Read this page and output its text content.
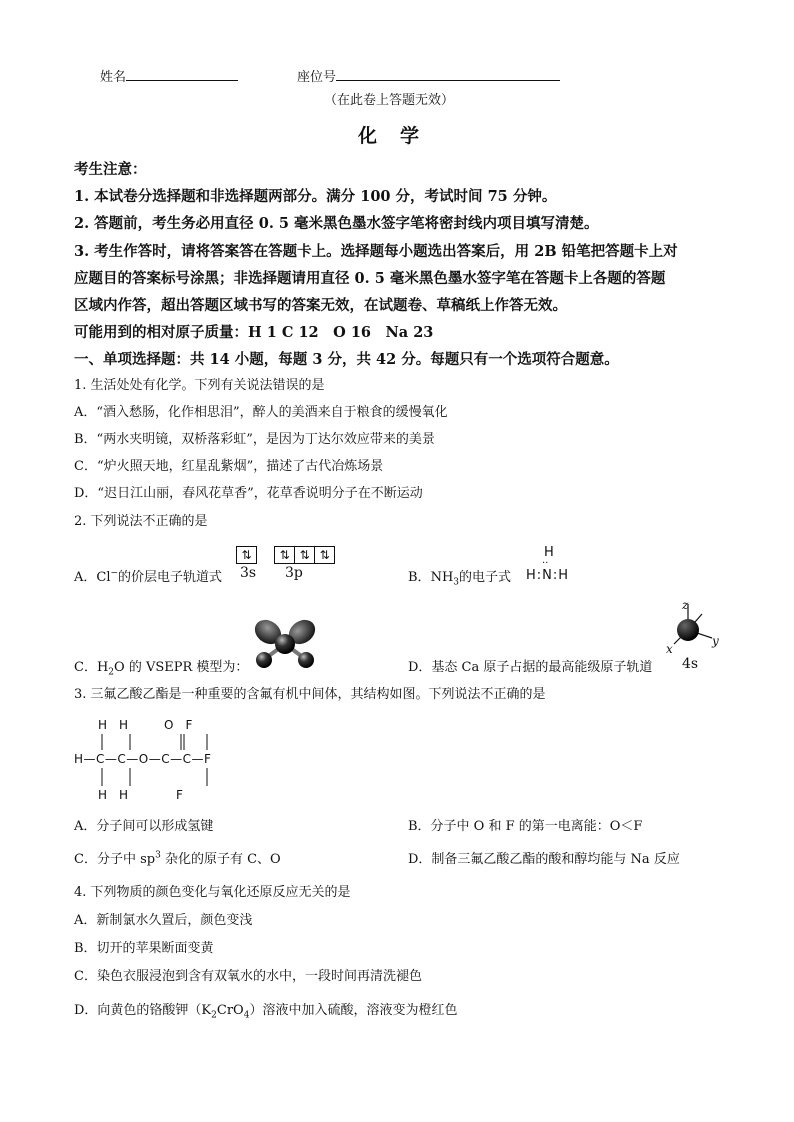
姓名	座位号
（在此卷上答题无效）
化　学
考生注意：
1. 本试卷分选择题和非选择题两部分。满分 100 分，考试时间 75 分钟。
2. 答题前，考生务必用直径 0. 5 毫米黑色墨水签字笔将密封线内项目填写清楚。
3. 考生作答时，请将答案答在答题卡上。选择题每小题选出答案后，用 2B 铅笔把答题卡上对
应题目的答案标号涂黑；非选择题请用直径 0. 5 毫米黑色墨水签字笔在答题卡上各题的答题
区域内作答，超出答题区域书写的答案无效，在试题卷、草稿纸上作答无效。
可能用到的相对原子质量：H 1 C 12　O 16　Na 23
一、单项选择题：共 14 小题，每题 3 分，共 42 分。每题只有一个选项符合题意。
1. 生活处处有化学。下列有关说法错误的是
A．“酒入愁肠，化作相思泪”，醉人的美酒来自于粮食的缓慢氧化
B．“两水夹明镜，双桥落彩虹”，是因为丁达尔效应带来的美景
C．“炉火照天地，红星乱紫烟”，描述了古代冶炼场景
D．“迟日江山丽，春风花草香”，花草香说明分子在不断运动
2. 下列说法不正确的是
A．Cl−的价层电子轨道式
⇅ ⇅ ⇅ ⇅
3s 3p	B．$NH_3$的电子式
H
··
H:N:H
C．$H_2O$ 的 VSEPR 模型为：	D．基态 Ca 原子占据的最高能级原子轨道
z
x
y
4s
3. 三氟乙酸乙酯是一种重要的含氟有机中间体，其结构如图。下列说法不正确的是
H　H　　　O　F
H—C—C—O—C—C—F
H　H　　　　F
A．分子间可以形成氢键	B．分子中 O 和 F 的第一电离能：O＜F
C．分子中 $sp^3$ 杂化的原子有 C、O	D．制备三氟乙酸乙酯的酸和醇均能与 Na 反应
4. 下列物质的颜色变化与氧化还原反应无关的是
A．新制氯水久置后，颜色变浅
B．切开的苹果断面变黄
C．染色衣服浸泡到含有双氧水的水中，一段时间再清洗褪色
D．向黄色的铬酸钾$(K_2CrO_4)$溶液中加入硫酸，溶液变为橙红色
